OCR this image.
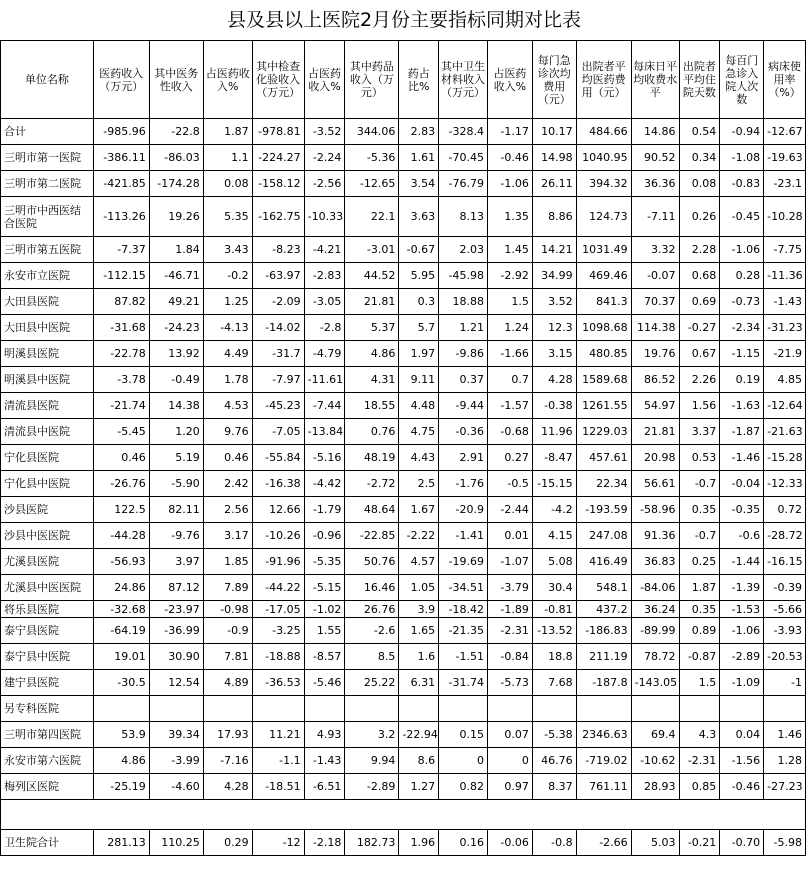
县及县以上医院2月份主要指标同期对比表
单位名称	医药收入（万元）	其中医务性收入	占医药收入%	其中检查化验收入（万元）	占医药收入%	其中药品收入（万元）	药占比%	其中卫生材料收入（万元）	占医药收入%	每门急诊次均费用（元）	出院者平均医药费用（元）	每床日平均收费水平	出院者平均住院天数	每百门急诊入院人次数	病床使用率（%）
合计	-985.96	-22.8	1.87	-978.81	-3.52	344.06	2.83	-328.4	-1.17	10.17	484.66	14.86	0.54	-0.94	-12.67
三明市第一医院	-386.11	-86.03	1.1	-224.27	-2.24	-5.36	1.61	-70.45	-0.46	14.98	1040.95	90.52	0.34	-1.08	-19.63
三明市第二医院	-421.85	-174.28	0.08	-158.12	-2.56	-12.65	3.54	-76.79	-1.06	26.11	394.32	36.36	0.08	-0.83	-23.1
三明市中西医结合医院	-113.26	19.26	5.35	-162.75	-10.33	22.1	3.63	8.13	1.35	8.86	124.73	-7.11	0.26	-0.45	-10.28
三明市第五医院	-7.37	1.84	3.43	-8.23	-4.21	-3.01	-0.67	2.03	1.45	14.21	1031.49	3.32	2.28	-1.06	-7.75
永安市立医院	-112.15	-46.71	-0.2	-63.97	-2.83	44.52	5.95	-45.98	-2.92	34.99	469.46	-0.07	0.68	0.28	-11.36
大田县医院	87.82	49.21	1.25	-2.09	-3.05	21.81	0.3	18.88	1.5	3.52	841.3	70.37	0.69	-0.73	-1.43
大田县中医院	-31.68	-24.23	-4.13	-14.02	-2.8	5.37	5.7	1.21	1.24	12.3	1098.68	114.38	-0.27	-2.34	-31.23
明溪县医院	-22.78	13.92	4.49	-31.7	-4.79	4.86	1.97	-9.86	-1.66	3.15	480.85	19.76	0.67	-1.15	-21.9
明溪县中医院	-3.78	-0.49	1.78	-7.97	-11.61	4.31	9.11	0.37	0.7	4.28	1589.68	86.52	2.26	0.19	4.85
清流县医院	-21.74	14.38	4.53	-45.23	-7.44	18.55	4.48	-9.44	-1.57	-0.38	1261.55	54.97	1.56	-1.63	-12.64
清流县中医院	-5.45	1.20	9.76	-7.05	-13.84	0.76	4.75	-0.36	-0.68	11.96	1229.03	21.81	3.37	-1.87	-21.63
宁化县医院	0.46	5.19	0.46	-55.84	-5.16	48.19	4.43	2.91	0.27	-8.47	457.61	20.98	0.53	-1.46	-15.28
宁化县中医院	-26.76	-5.90	2.42	-16.38	-4.42	-2.72	2.5	-1.76	-0.5	-15.15	22.34	56.61	-0.7	-0.04	-12.33
沙县医院	122.5	82.11	2.56	12.66	-1.79	48.64	1.67	-20.9	-2.44	-4.2	-193.59	-58.96	0.35	-0.35	0.72
沙县中医医院	-44.28	-9.76	3.17	-10.26	-0.96	-22.85	-2.22	-1.41	0.01	4.15	247.08	91.36	-0.7	-0.6	-28.72
尤溪县医院	-56.93	3.97	1.85	-91.96	-5.35	50.76	4.57	-19.69	-1.07	5.08	416.49	36.83	0.25	-1.44	-16.15
尤溪县中医医院	24.86	87.12	7.89	-44.22	-5.15	16.46	1.05	-34.51	-3.79	30.4	548.1	-84.06	1.87	-1.39	-0.39
将乐县医院	-32.68	-23.97	-0.98	-17.05	-1.02	26.76	3.9	-18.42	-1.89	-0.81	437.2	36.24	0.35	-1.53	-5.66
泰宁县医院	-64.19	-36.99	-0.9	-3.25	1.55	-2.6	1.65	-21.35	-2.31	-13.52	-186.83	-89.99	0.89	-1.06	-3.93
泰宁县中医院	19.01	30.90	7.81	-18.88	-8.57	8.5	1.6	-1.51	-0.84	18.8	211.19	78.72	-0.87	-2.89	-20.53
建宁县医院	-30.5	12.54	4.89	-36.53	-5.46	25.22	6.31	-31.74	-5.73	7.68	-187.8	-143.05	1.5	-1.09	-1
另专科医院															
三明市第四医院	53.9	39.34	17.93	11.21	4.93	3.2	-22.94	0.15	0.07	-5.38	2346.63	69.4	4.3	0.04	1.46
永安市第六医院	4.86	-3.99	-7.16	-1.1	-1.43	9.94	8.6	0	0	46.76	-719.02	-10.62	-2.31	-1.56	1.28
梅列区医院	-25.19	-4.60	4.28	-18.51	-6.51	-2.89	1.27	0.82	0.97	8.37	761.11	28.93	0.85	-0.46	-27.23

卫生院合计	281.13	110.25	0.29	-12	-2.18	182.73	1.96	0.16	-0.06	-0.8	-2.66	5.03	-0.21	-0.70	-5.98
